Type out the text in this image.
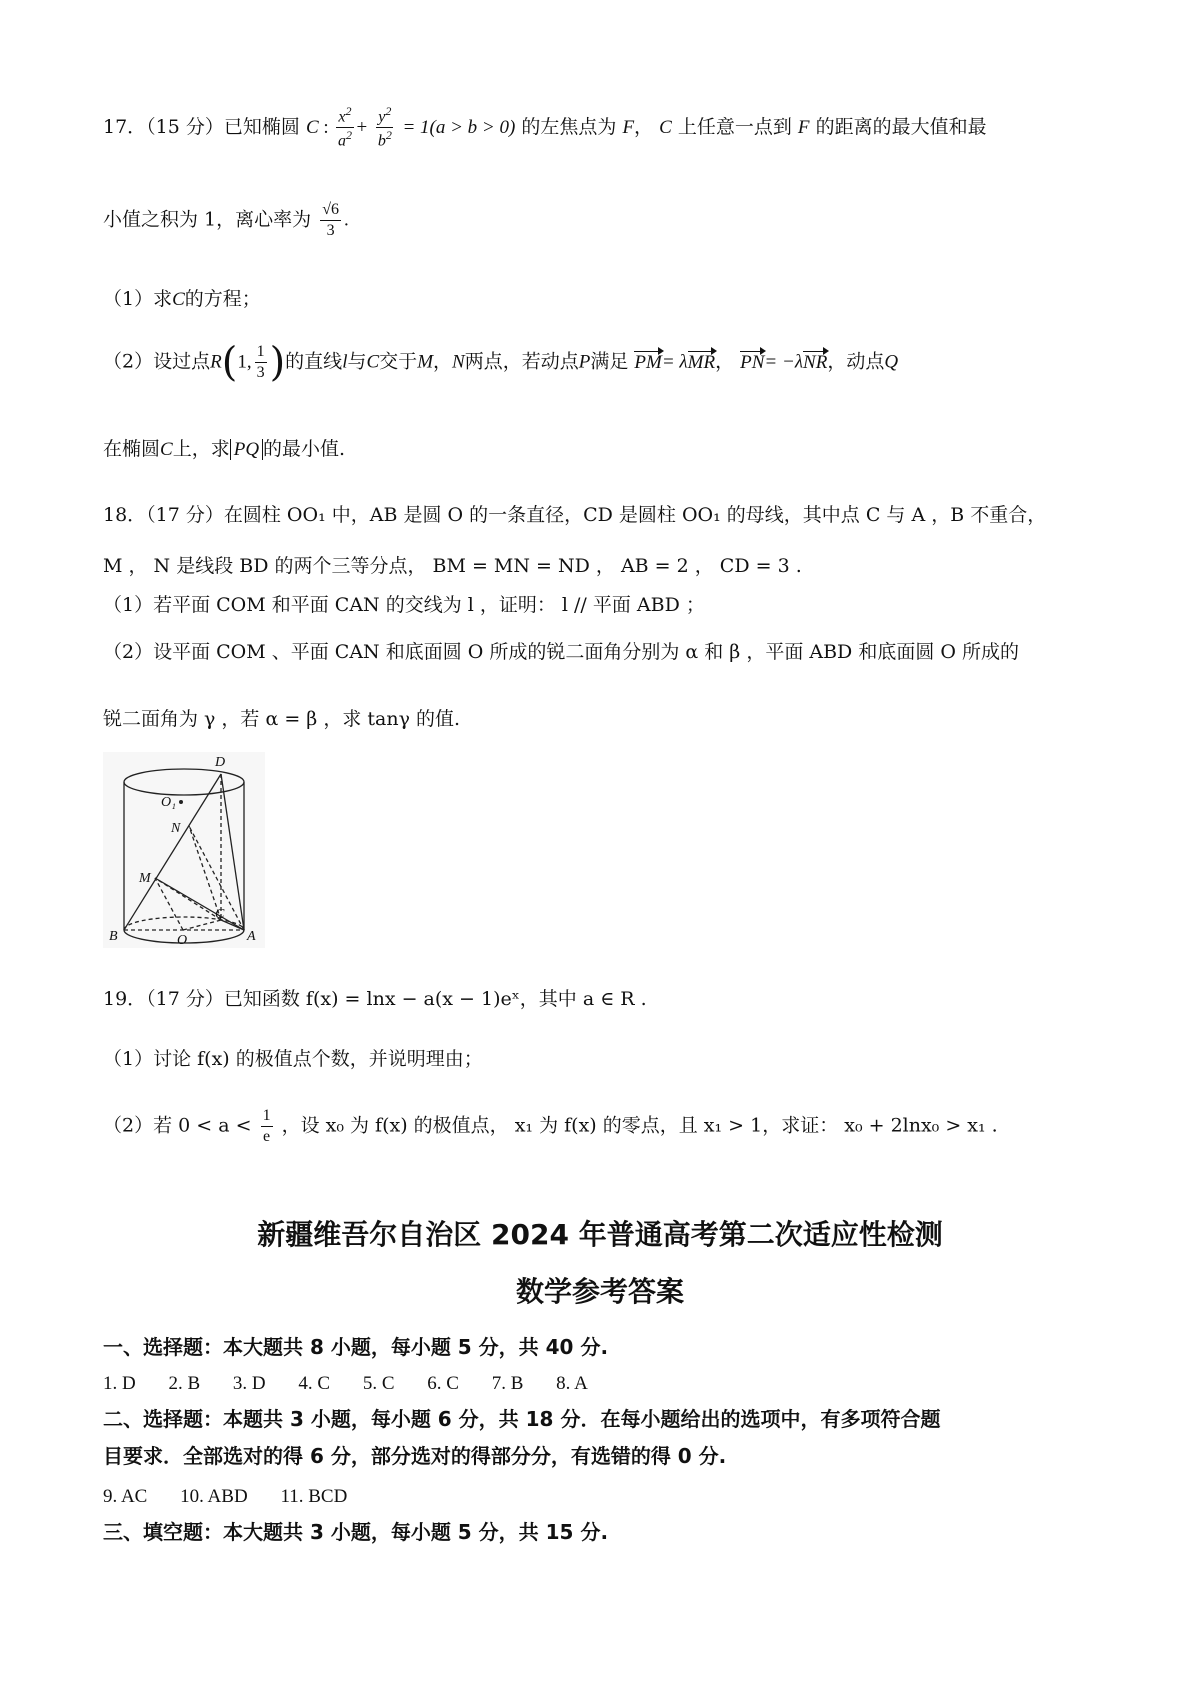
17．（15 分）已知椭圆 C : $\frac{x^2}{a^2} + \frac{y^2}{b^2} = 1(a > b > 0)$ 的左焦点为 F， C 上任意一点到 F 的距离的最大值和最
小值之积为 1，离心率为 $\frac{√6}{3}$ .
（1）求C的方程；
（2）设过点R(1, $\frac{1}{3}$ )的直线l与C交于M，N两点，若动点P满足 PM= λMR， PN= −λNR，动点Q
在椭圆C上，求 PQ 的最小值.
18．（17 分）在圆柱 OO₁ 中，AB 是圆 O 的一条直径，CD 是圆柱 OO₁ 的母线，其中点 C 与 A ，B 不重合，
M ， N 是线段 BD 的两个三等分点， BM = MN = ND ， AB = 2 ， CD = 3 .
（1）若平面 COM 和平面 CAN 的交线为 l ，证明： l // 平面 ABD ；
（2）设平面 COM 、平面 CAN 和底面圆 O 所成的锐二面角分别为 α 和 β ，平面 ABD 和底面圆 O 所成的
锐二面角为 γ ，若 α = β ，求 tanγ 的值.
D
O₁
N
M
C
B	O	A
19．（17 分）已知函数 f(x) = lnx − a(x − 1)eˣ，其中 a ∈ R .
（1）讨论 f(x) 的极值点个数，并说明理由；
（2）若 $0 < a < \frac{1}{e}$ ，设 x₀ 为 f(x) 的极值点， x₁ 为 f(x) 的零点，且 x₁ > 1，求证： x₀ + 2lnx₀ > x₁ .
新疆维吾尔自治区 2024 年普通高考第二次适应性检测
数学参考答案
一、选择题：本大题共 8 小题，每小题 5 分，共 40 分.
1. D 2. B 3. D 4. C 5. C 6. C 7. B 8. A
二、选择题：本题共 3 小题，每小题 6 分，共 18 分．在每小题给出的选项中，有多项符合题
目要求．全部选对的得 6 分，部分选对的得部分分，有选错的得 0 分.
9. AC 10. ABD 11. BCD
三、填空题：本大题共 3 小题，每小题 5 分，共 15 分.
